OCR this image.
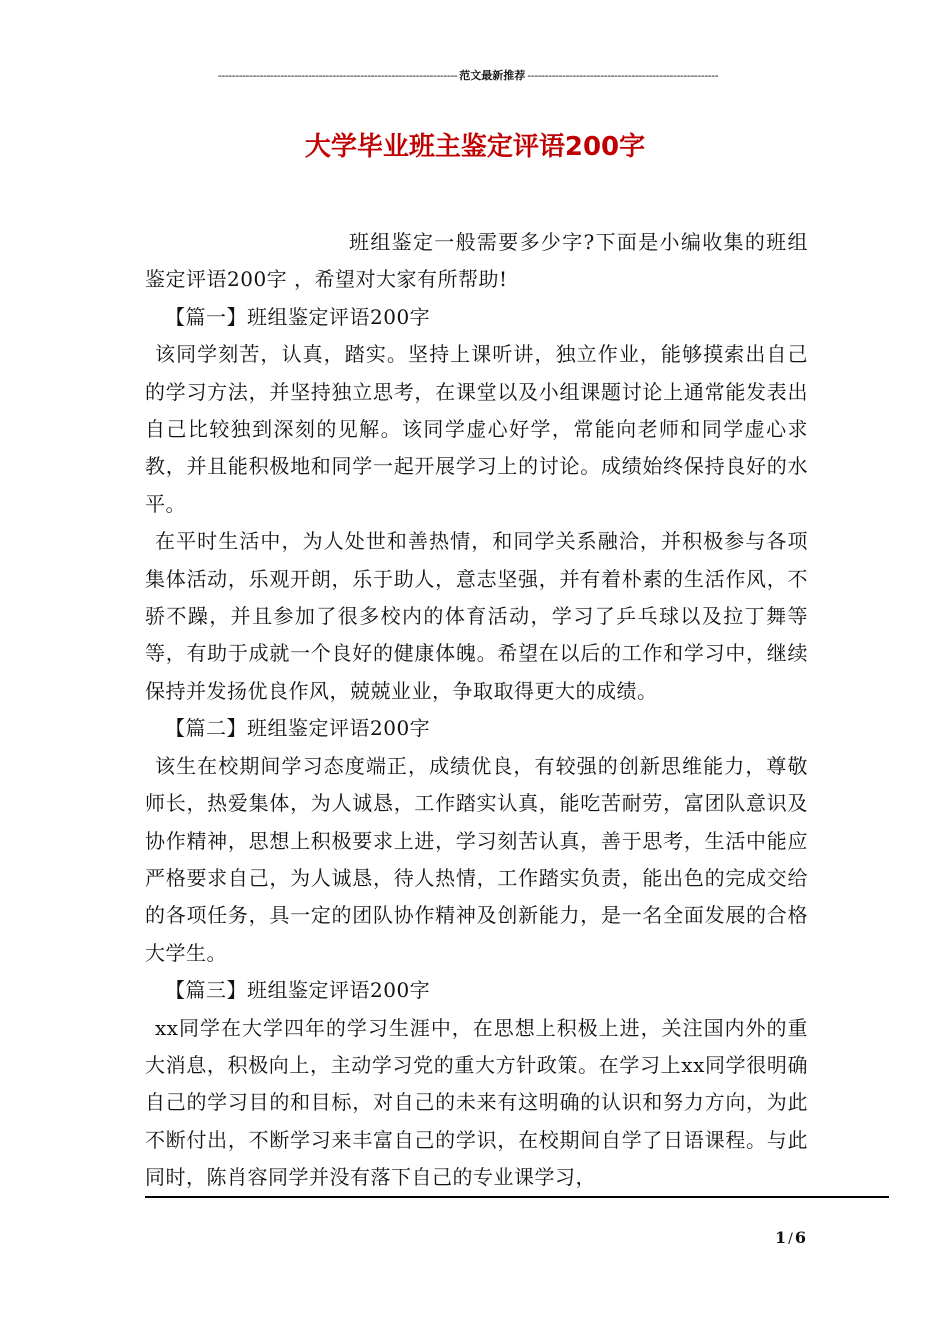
--------------------------------------------------------------------- 范文最新推荐 -------------------------------------------------------
大学毕业班主鉴定评语200字

班组鉴定一般需要多少字?下面是小编收集的班组鉴定评语200字 ，希望对大家有所帮助!

【篇一】班组鉴定评语200字

该同学刻苦，认真，踏实。坚持上课听讲，独立作业，能够摸索出自己的学习方法，并坚持独立思考，在课堂以及小组课题讨论上通常能发表出自己比较独到深刻的见解。该同学虚心好学，常能向老师和同学虚心求教，并且能积极地和同学一起开展学习上的讨论。成绩始终保持良好的水平。

在平时生活中，为人处世和善热情，和同学关系融洽，并积极参与各项集体活动，乐观开朗，乐于助人，意志坚强，并有着朴素的生活作风，不骄不躁，并且参加了很多校内的体育活动，学习了乒乓球以及拉丁舞等等，有助于成就一个良好的健康体魄。希望在以后的工作和学习中，继续保持并发扬优良作风，兢兢业业，争取取得更大的成绩。

【篇二】班组鉴定评语200字

该生在校期间学习态度端正，成绩优良，有较强的创新思维能力，尊敬师长，热爱集体，为人诚恳，工作踏实认真，能吃苦耐劳，富团队意识及协作精神，思想上积极要求上进，学习刻苦认真，善于思考，生活中能应严格要求自己，为人诚恳，待人热情，工作踏实负责，能出色的完成交给的各项任务，具一定的团队协作精神及创新能力，是一名全面发展的合格大学生。

【篇三】班组鉴定评语200字

xx同学在大学四年的学习生涯中，在思想上积极上进，关注国内外的重大消息，积极向上，主动学习党的重大方针政策。在学习上xx同学很明确自己的学习目的和目标，对自己的未来有这明确的认识和努力方向，为此不断付出，不断学习来丰富自己的学识，在校期间自学了日语课程。与此同时，陈肖容同学并没有落下自己的专业课学习，

1 / 6
